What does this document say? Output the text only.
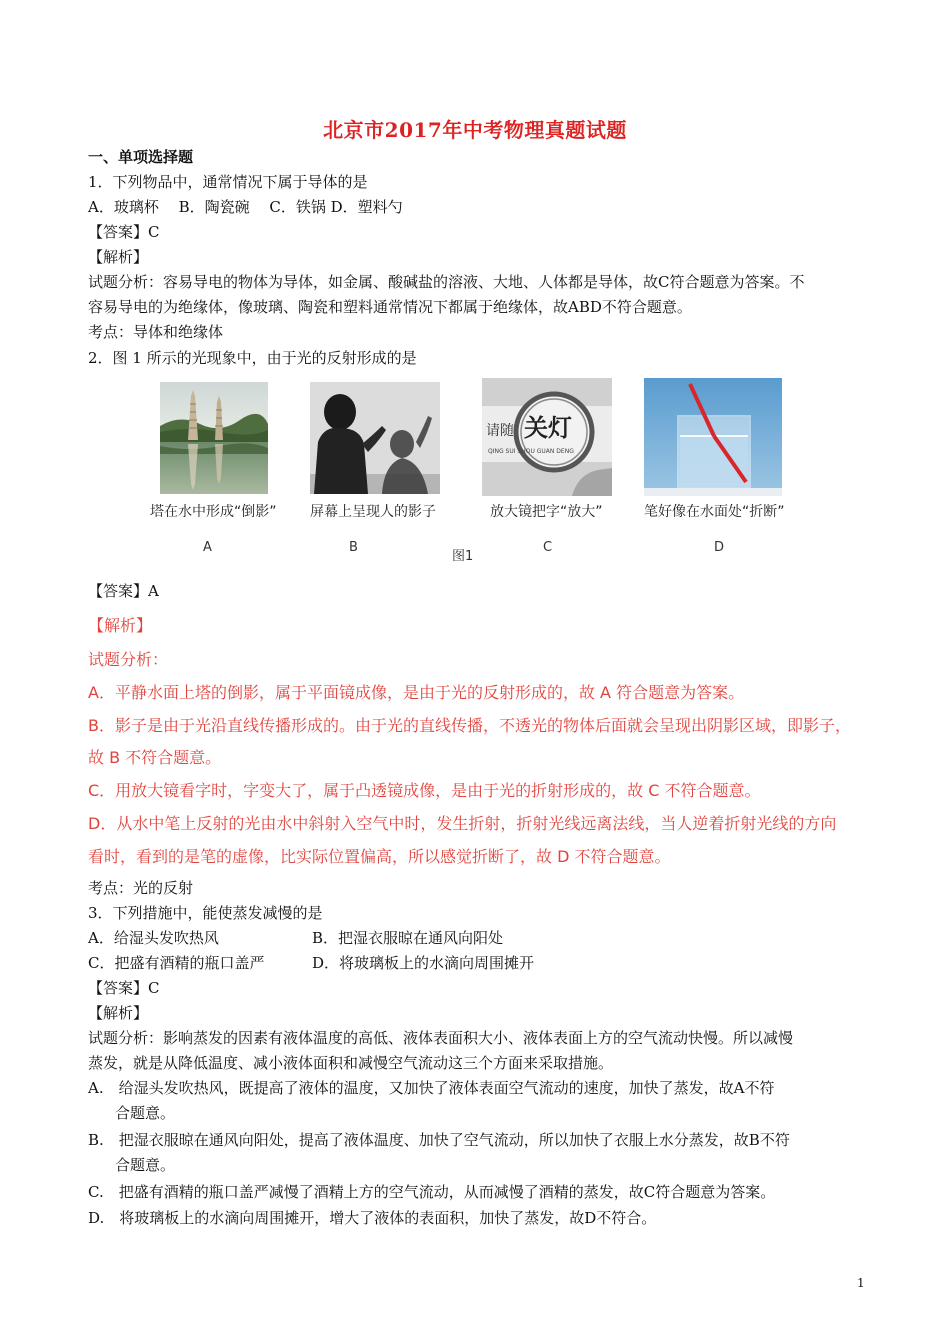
北京市2017年中考物理真题试题
一、单项选择题
1．下列物品中，通常情况下属于导体的是
A．玻璃杯　 B．陶瓷碗　 C．铁锅 D．塑料勺
【答案】C
【解析】
试题分析：容易导电的物体为导体，如金属、酸碱盐的溶液、大地、人体都是导体，故C符合题意为答案。不
容易导电的为绝缘体，像玻璃、陶瓷和塑料通常情况下都属于绝缘体，故ABD不符合题意。
考点：导体和绝缘体
2．图 1 所示的光现象中，由于光的反射形成的是
请随 关灯
QING SUI SHOU GUAN DENG
塔在水中形成“倒影” 屏幕上呈现人的影子	放大镜把字“放大”	笔好像在水面处“折断”
A	B
图1
C	D
【答案】A
【解析】
试题分析：
A．平静水面上塔的倒影，属于平面镜成像，是由于光的反射形成的，故 A 符合题意为答案。
B．影子是由于光沿直线传播形成的。由于光的直线传播，不透光的物体后面就会呈现出阴影区域，即影子，
故 B 不符合题意。
C．用放大镜看字时，字变大了，属于凸透镜成像，是由于光的折射形成的，故 C 不符合题意。
D．从水中笔上反射的光由水中斜射入空气中时，发生折射，折射光线远离法线，当人逆着折射光线的方向
看时，看到的是笔的虚像，比实际位置偏高，所以感觉折断了，故 D 不符合题意。
考点：光的反射
3．下列措施中，能使蒸发减慢的是
A．给湿头发吹热风	B．把湿衣服晾在通风向阳处
C．把盛有酒精的瓶口盖严	D．将玻璃板上的水滴向周围摊开
【答案】C
【解析】
试题分析：影响蒸发的因素有液体温度的高低、液体表面积大小、液体表面上方的空气流动快慢。所以减慢
蒸发，就是从降低温度、减小液体面积和减慢空气流动这三个方面来采取措施。
A.　给湿头发吹热风，既提高了液体的温度，又加快了液体表面空气流动的速度，加快了蒸发，故A不符
合题意。
B.　把湿衣服晾在通风向阳处，提高了液体温度、加快了空气流动，所以加快了衣服上水分蒸发，故B不符
合题意。
C.　把盛有酒精的瓶口盖严减慢了酒精上方的空气流动，从而减慢了酒精的蒸发，故C符合题意为答案。
D.　将玻璃板上的水滴向周围摊开，增大了液体的表面积，加快了蒸发，故D不符合。
1
